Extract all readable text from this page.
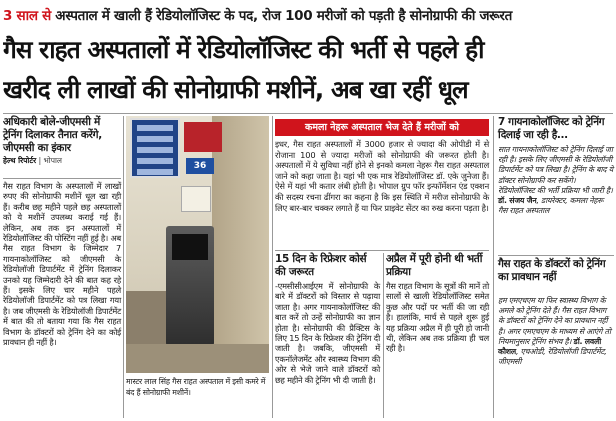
3 साल से अस्पताल में खाली हैं रेडियोलॉजिस्ट के पद, रोज 100 मरीजों को पड़ती है सोनोग्राफी की जरूरत
गैस राहत अस्पतालों में रेडियोलॉजिस्ट की भर्ती से पहले ही
खरीद ली लाखों की सोनोग्राफी मशीनें, अब खा रहीं धूल
अधिकारी बोले-जीएमसी में ट्रेनिंग दिलाकर तैनात करेंगे, जीएमसी का इंकार
हेल्थ रिपोर्टर | भोपाल
गैस राहत विभाग के अस्पतालों में लाखों रुपए की सोनोग्राफी मशीनें धूल खा रही हैं। करीब छह महीने पहले छह अस्पतालों को ये मशीनें उपलब्ध कराई गई हैं। लेकिन, अब तक इन अस्पतालों में रेडियोलॉजिस्ट की पोस्टिंग नहीं हुई है। अब गैस राहत विभाग के जिम्मेदार 7 गायनाकोलॉजिस्ट को जीएमसी के रेडियोलॉजी डिपार्टमेंट में ट्रेनिंग दिलाकर उनको यह जिम्मेदारी देने की बात कह रहे हैं। इसके लिए चार महीने पहले रेडियोलॉजी डिपार्टमेंट को पत्र लिखा गया है। जब जीएमसी के रेडियोलॉजी डिपार्टमेंट में बात की तो बताया गया कि गैस राहत विभाग के डॉक्टरों को ट्रेनिंग देने का कोई प्रावधान ही नहीं है।
36
मास्टर लाल सिंह गैस राहत अस्पताल में इसी कमरे में बंद हैं सोनोग्राफी मशीनें।
कमला नेहरू अस्पताल भेज देते हैं मरीजों को
इधर, गैस राहत अस्पतालों में 3000 हजार से ज्यादा की ओपीडी में से रोजाना 100 से ज्यादा मरीजों को सोनोग्राफी की जरूरत होती है। अस्पतालों में ये सुविधा नहीं होने से इनको कमला नेहरू गैस राहत अस्पताल जाने को कहा जाता है। यहां भी एक मात्र रेडियोलॉजिस्ट डॉ. एके जुनेजा हैं। ऐसे में यहां भी कतार लंबी होती है। भोपाल ग्रुप फॉर इन्फॉर्मेशन एंड एक्शन की सदस्य रचना ढींगरा का कहना है कि इस स्थिति में मरीज सोनोग्राफी के लिए बार-बार चक्कर लगाते हैं या फिर प्राइवेट सेंटर का रुख करना पड़ता है।
15 दिन के रिफ्रेशर कोर्स की जरूरत
-एमसीसीआईएम में सोनोग्राफी के बारे में डॉक्टरों को विस्तार से पढ़ाया जाता है। अगर गायनाकोलॉजिस्ट की बात करें तो उन्हें सोनोग्राफी का ज्ञान होता है। सोनोग्राफी की प्रैक्टिस के लिए 15 दिन के रिफ्रेशर की ट्रेनिंग दी जाती है। जबकि, जीएमसी में एकनॉलेजमेंट और स्वास्थ्य विभाग की ओर से भेजे जाने वाले डॉक्टरों को छह महीने की ट्रेनिंग भी दी जाती है।
अप्रैल में पूरी होनी थी भर्ती प्रक्रिया
गैस राहत विभाग के सूत्रों की मानें तो सालों से खाली रेडियोलॉजिस्ट समेत कुछ और पदों पर भर्ती की जा रही है। हालांकि, मार्च से पहले शुरू हुई यह प्रक्रिया अप्रैल में ही पूरी हो जानी थी, लेकिन अब तक प्रक्रिया ही चल रही है।
7 गायनाकोलॉजिस्ट को ट्रेनिंग दिलाई जा रही है...
सात गायनाकोलॉजिस्ट को ट्रेनिंग दिलाई जा रही है। इसके लिए जीएमसी के रेडियोलॉजी डिपार्टमेंट को पत्र लिखा है। ट्रेनिंग के बाद ये डॉक्टर सोनोग्राफी कर सकेंगे। रेडियोलॉजिस्ट की भर्ती प्रक्रिया भी जारी है। डॉ. संजय जैन, डायरेक्टर, कमला नेहरू गैस राहत अस्पताल
गैस राहत के डॉक्टरों को ट्रेनिंग का प्रावधान नहीं
हम एमएचएम या फिर स्वास्थ्य विभाग के अमले को ट्रेनिंग देते हैं। गैस राहत विभाग के डॉक्टरों को ट्रेनिंग देने का प्रावधान नहीं है। अगर एमएचएम के माध्यम से आएंगे तो नियमानुसार ट्रेनिंग संभव है। डॉ. लवली कौशल, एचओडी, रेडियोलॉजी डिपार्टमेंट, जीएमसी
